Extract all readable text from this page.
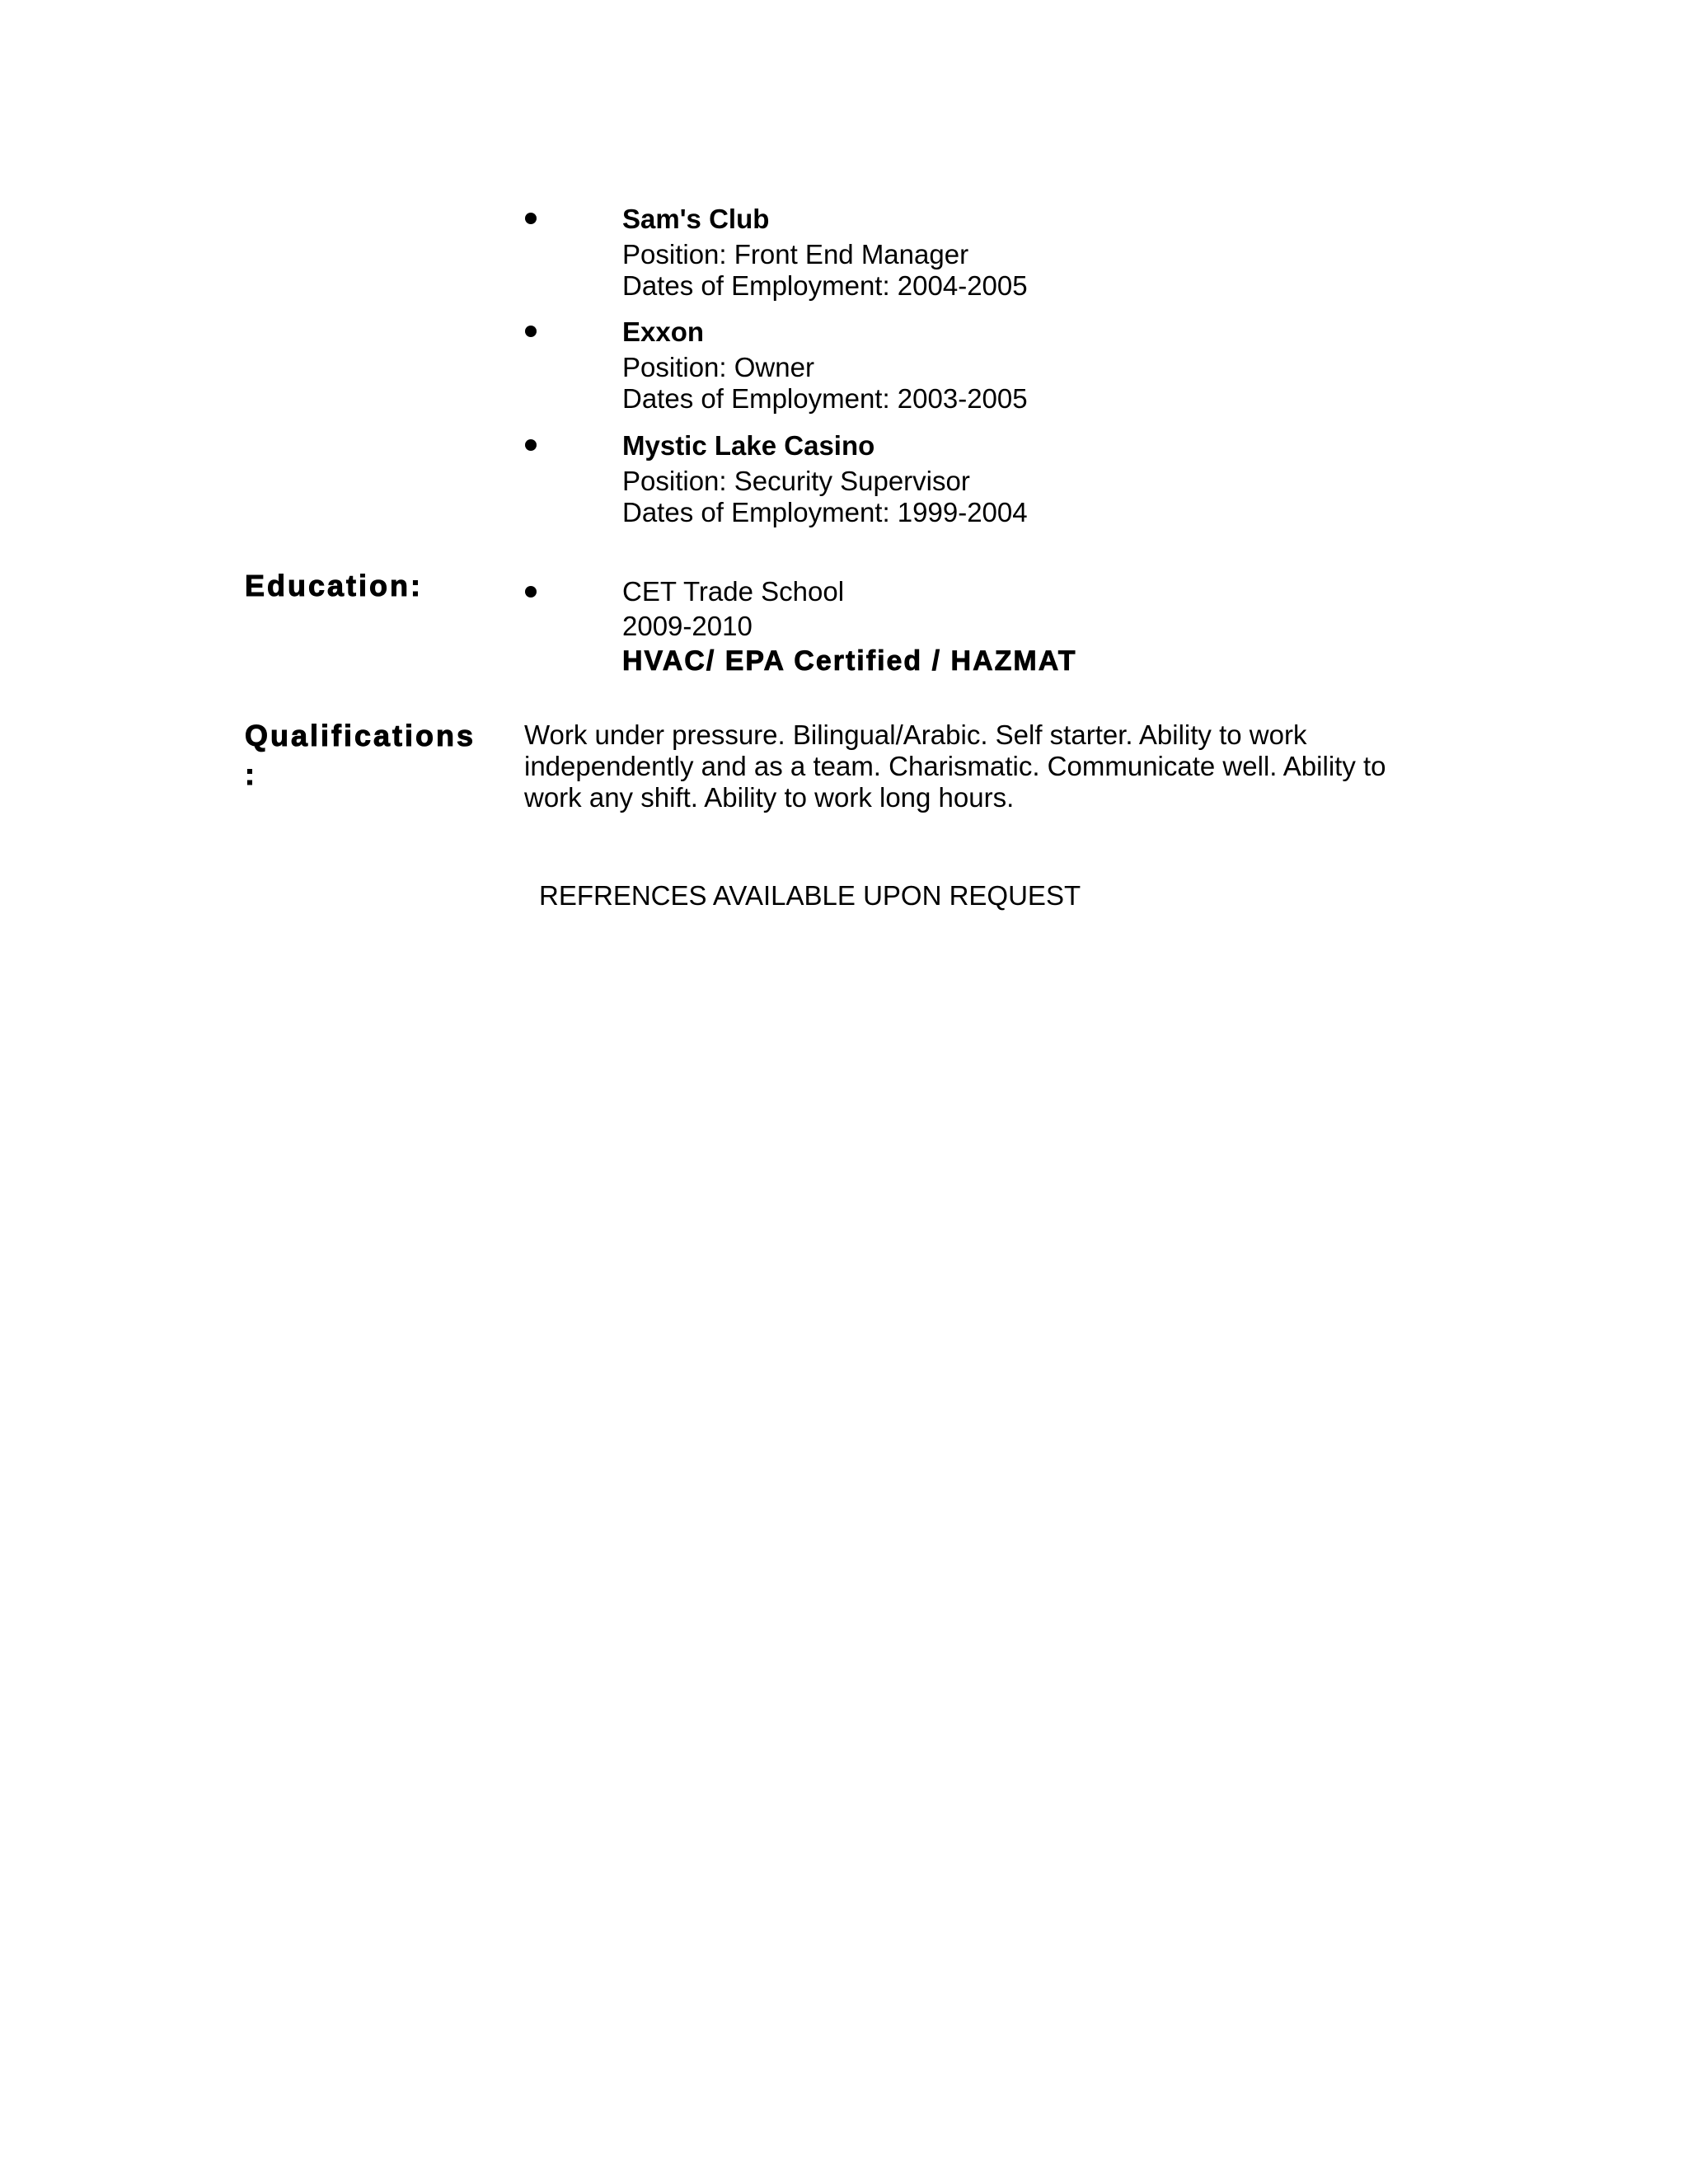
Sam's Club
Position: Front End Manager
Dates of Employment: 2004-2005
Exxon
Position: Owner
Dates of Employment: 2003-2005
Mystic Lake Casino
Position: Security Supervisor
Dates of Employment: 1999-2004
Education:	CET Trade School
2009-2010
HVAC/ EPA Certified / HAZMAT
Qualifications
:
Work under pressure. Bilingual/Arabic. Self starter. Ability to work independently and as a team. Charismatic. Communicate well. Ability to work any shift. Ability to work long hours.
REFRENCES AVAILABLE UPON REQUEST
